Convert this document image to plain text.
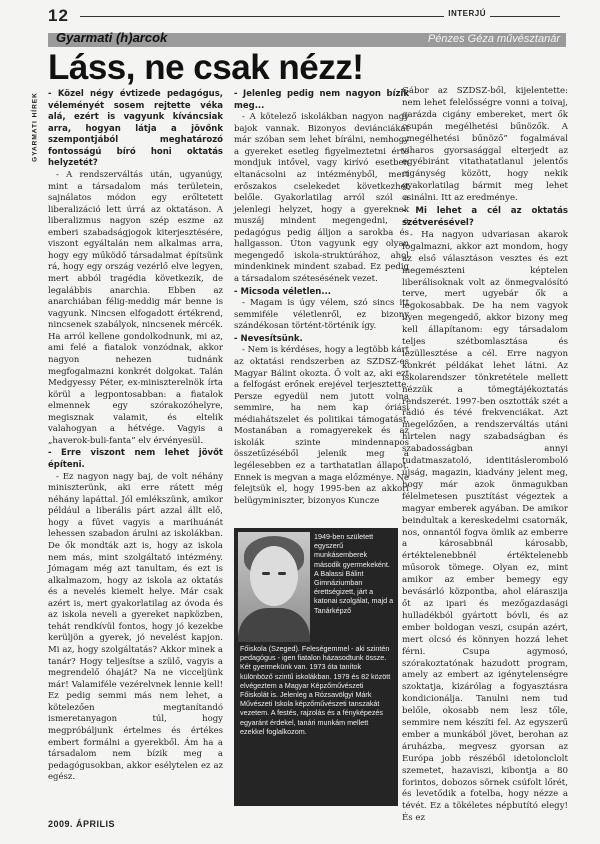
12	INTERJÚ
Gyarmati (h)arcok	Pénzes Géza művésztanár
GYARMATI HÍREK
Láss, ne csak nézz!

- Közel négy évtizede pedagógus, véleményét sosem rejtette véka alá, ezért is vagyunk kíváncsiak arra, hogyan látja a jövőnk szempontjából meghatározó fontosságú bíró honi oktatás helyzetét?

- A rendszerváltás után, ugyanúgy, mint a társadalom más területein, sajnálatos módon egy erőltetett liberalizáció lett úrrá az oktatáson. A liberalizmus nagyon szép eszme az emberi szabadságjogok kiterjesztésére, viszont egyáltalán nem alkalmas arra, hogy egy működő társadalmat építsünk rá, hogy egy ország vezérlő elve legyen, mert abból tragédia következik, de legalábbis anarchia. Ebben az anarchiában félig-meddig már benne is vagyunk. Nincsen elfogadott értékrend, nincsenek szabályok, nincsenek mércék. Ha arról kellene gondolkodnunk, mi az, ami felé a fiatalok vonzódnak, akkor nagyon nehezen tudnánk megfogalmazni konkrét dolgokat. Talán Medgyessy Péter, ex-miniszterelnök írta körül a legpontosabban: a fiatalok elmennek egy szórakozóhelyre, megisznak valamit, és eltelik valahogyan a hétvége. Vagyis a „haverok-buli-fanta” elv érvényesül.

- Erre viszont nem lehet jövőt építeni.

- Ez nagyon nagy baj, de volt néhány miniszterünk, aki erre rátett még néhány lapáttal. Jól emlékszünk, amikor például a liberális párt azzal állt elő, hogy a fűvet vagyis a marihuánát lehessen szabadon árulni az iskolákban. De ők mondták azt is, hogy az iskola nem más, mint szolgáltató intézmény. Jómagam még azt tanultam, és ezt is alkalmazom, hogy az iskola az oktatás és a nevelés kiemelt helye. Már csak azért is, mert gyakorlatilag az óvoda és az iskola neveli a gyereket napközben, tehát rendkívül fontos, hogy jó kezekbe kerüljön a gyerek, jó nevelést kapjon. Mi az, hogy szolgáltatás? Akkor minek a tanár? Hogy teljesítse a szülő, vagyis a megrendelő óhaját? Na ne vicceljünk már! Valamiféle vezérelvnek lennie kell! Ez pedig semmi más nem lehet, a kötelezően megtanítandó ismeretanyagon túl, hogy megpróbáljunk értelmes és értékes embert formálni a gyerekből. Ám ha a társadalom nem bízik meg a pedagógusokban, akkor esélytelen ez az egész.

- Jelenleg pedig nem nagyon bízik meg...

- A kötelező iskolákban nagyon nagy bajok vannak. Bizonyos deviánciákat már szóban sem lehet bírálni, nemhogy a gyereket esetleg figyelmeztetni érte mondjuk intővel, vagy kirívó esetben eltanácsolni az intézményből, mert erőszakos cselekedet következhet belőle. Gyakorlatilag arról szól a jelenlegi helyzet, hogy a gyereknek muszáj mindent megengedni, a pedagógus pedig álljon a sarokba és hallgasson. Úton vagyunk egy olyan megengedő iskola-struktúrához, ahol mindenkinek mindent szabad. Ez pedig a társadalom szétesésének vezet.

- Micsoda véletlen...

- Magam is úgy vélem, szó sincs itt semmiféle véletlenről, ez bizony szándékosan történt-történik így.

- Nevesítsünk.

- Nem is kérdéses, hogy a legtöbb kárt az oktatási rendszerben az SZDSZ-es Magyar Bálint okozta. Ő volt az, aki ezt a felfogást erőnek erejével terjesztette. Persze egyedül nem jutott volna semmire, ha nem kap óriási médiahátszelet és politikai támogatást. Mostanában a romagyerekek és az iskolák szinte mindennapos összetűzéséből jelenik meg a legélesebben ez a tarthatatlan állapot. Ennek is megvan a maga előzménye. Ne felejtsük el, hogy 1995-ben az akkori belügyminiszter, bizonyos Kuncze

1949-ben született egyszerű munkásemberek második gyermekeként. A Balassi Bálint Gimnáziumban érettségizett, járt a katonai szolgálat, majd a Tanárképző
Főiskola (Szeged). Feleségemmel - aki szintén pedagógus - igen fiatalon házasodtunk össze. Két gyermekünk van. 1973 óta tanítok különböző szintű iskolákban. 1979 és 82 között elvégeztem a Magyar Képzőművészeti Főiskolát is. Jelenleg a Rózsavölgyi Márk Művészeti Iskola képzőművészeti tanszakát vezetem. A festés, rajzolás és a fényképezés egyaránt érdekel, tanári munkám mellett ezekkel foglalkozom.

Gábor az SZDSZ-ből, kijelentette: nem lehet felelősségre vonni a toivaj, garázda cigány embereket, mert ők csupán megélhetési bűnözők. A „megélhetési bűnöző” fogalmával viharos gyorsasággal elterjedt az egyébiránt vitathatatlanul jelentős cigánység között, hogy nekik gyakorlatilag bármit meg lehet csinálni. Itt az eredménye.

- Mi lehet a cél az oktatás szétverésével?

- Ha nagyon udvariasan akarok fogalmazni, akkor azt mondom, hogy az első választáson vesztes és ezt megemészteni képtelen liberálisoknak volt az önmegvalósító terve, mert ugyebár ők a legokosabbak. De ha nem vagyok ilyen megengedő, akkor bizony meg kell állapítanom: egy társadalom teljes szétbomlasztása és lezüllesztése a cél. Erre nagyon konkrét példákat lehet látni. Az iskolarendszer tönkretétele mellett nézzük a tömegtájékoztatás rendszerét. 1997-ben osztották szét a rádió és tévé frekvenciákat. Azt megelőzően, a rendszerváltás utáni hirtelen nagy szabadságban és szabadosságban annyi tudatmaszatoló, identitásleromboló újság, magazin, kiadvány jelent meg, hogy már azok önmagukban félelmetesen pusztítást végeztek a magyar emberek agyában. De amikor beindultak a kereskedelmi csatornák, nos, onnantól fogva ömlik az emberre a károsabbnál károsabb, értéktelenebbnél értéktelenebb műsorok tömege. Olyan ez, mint amikor az ember bemegy egy bevásárló központba, ahol eláraszija őt az ipari és mezőgazdasági hulladékból gyártott bóvli, és az ember boldogan veszi, csupán azért, mert olcsó és könnyen hozzá lehet férni. Csupa agymosó, szórakoztatónak hazudott program, amely az embert az igénytelenségre szoktatja, kizárólag a fogyasztásra kondicionálja. Tanulni nem tud belőle, okosabb nem lesz tőle, semmire nem készíti fel. Az egyszerű ember a munkából jövet, berohan az áruházba, megvesz gyorsan az Európa jobb részéből idetolonclolt szemetet, hazaviszi, kibontja a 80 forintos, dobozos sörnek csúfolt lőrét, és levetődik a fotelba, hogy nézze a tévét. Ez a tökéletes népbutító elegy! És ez

2009. ÁPRILIS
